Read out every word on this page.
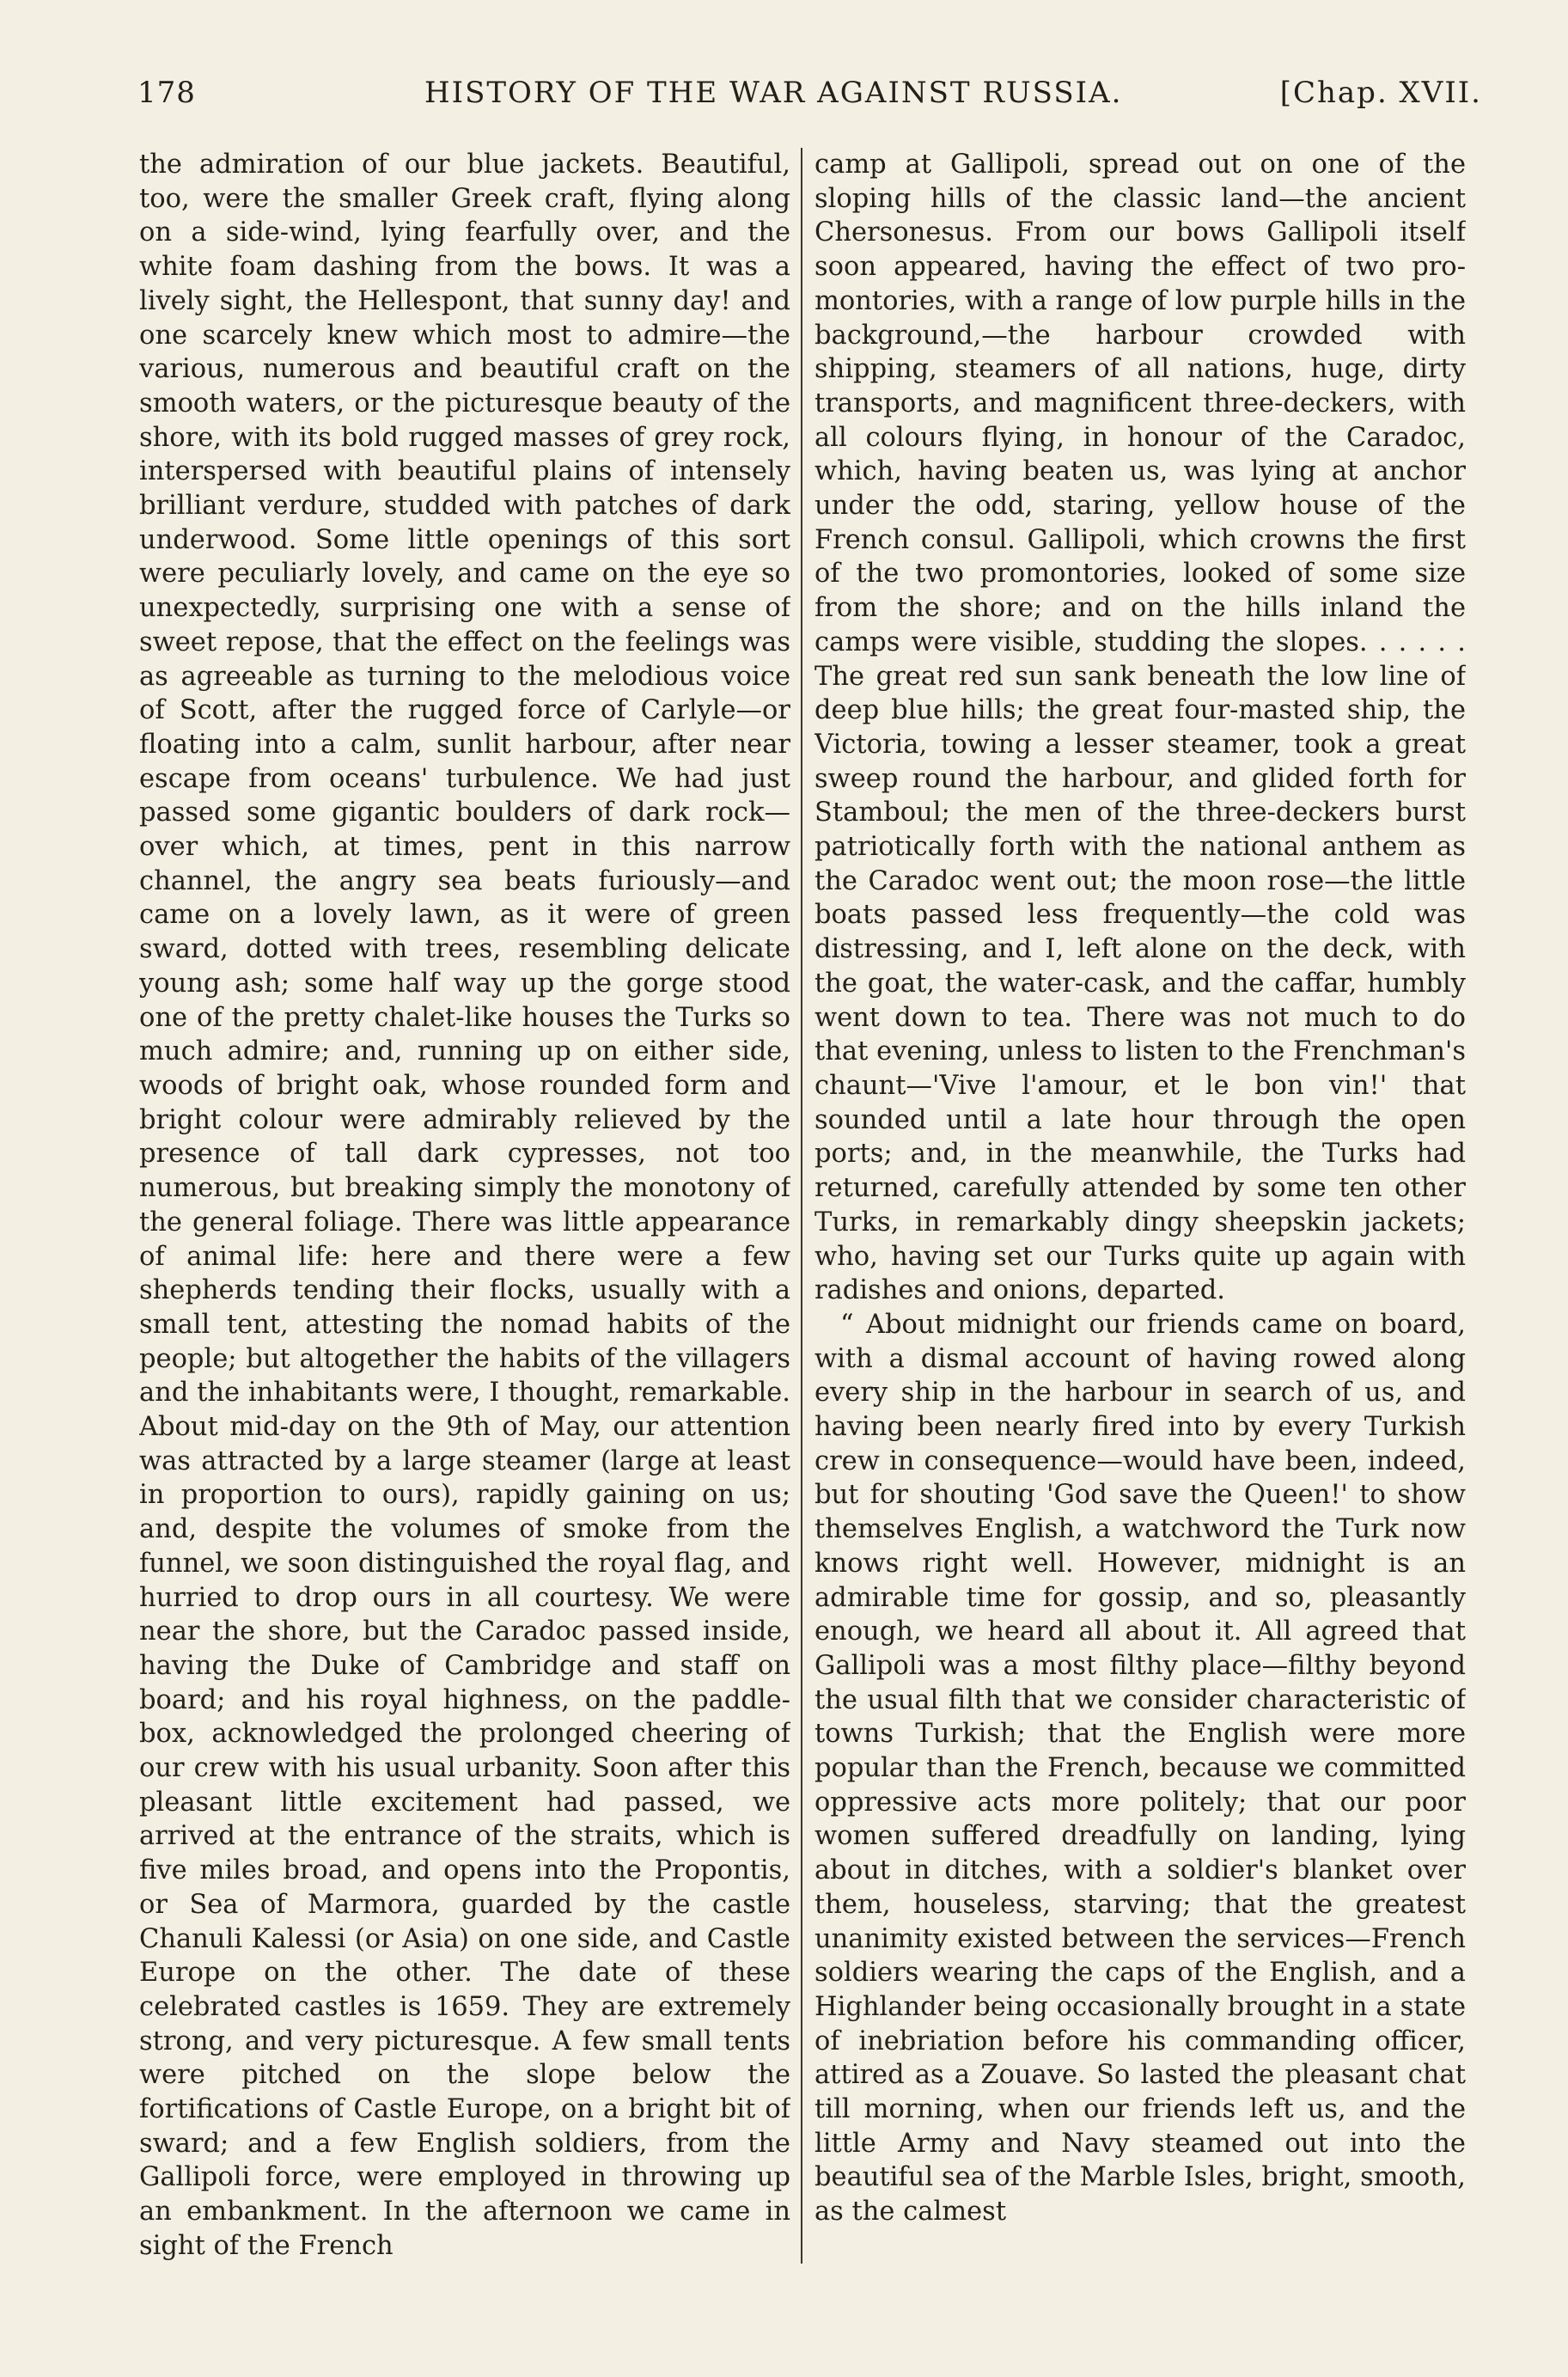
178	HISTORY OF THE WAR AGAINST RUSSIA.	[Chap. XVII.

the admiration of our blue jackets. Beautiful, too, were the smaller Greek craft, flying along on a side-wind, lying fearfully over, and the white foam dashing from the bows. It was a lively sight, the Hellespont, that sunny day! and one scarcely knew which most to admire—the various, numerous and beautiful craft on the smooth waters, or the picturesque beauty of the shore, with its bold rugged masses of grey rock, interspersed with beautiful plains of intensely brilliant verdure, studded with patches of dark underwood. Some little openings of this sort were peculiarly lovely, and came on the eye so unexpectedly, surprising one with a sense of sweet repose, that the effect on the feelings was as agreeable as turning to the melodious voice of Scott, after the rugged force of Carlyle—or floating into a calm, sunlit harbour, after near escape from oceans' turbulence. We had just passed some gigantic boulders of dark rock—over which, at times, pent in this narrow channel, the angry sea beats furiously—and came on a lovely lawn, as it were of green sward, dotted with trees, resembling delicate young ash; some half way up the gorge stood one of the pretty chalet-like houses the Turks so much admire; and, running up on either side, woods of bright oak, whose rounded form and bright colour were admirably relieved by the presence of tall dark cypresses, not too numerous, but breaking simply the monotony of the general foliage. There was little appearance of animal life: here and there were a few shepherds tending their flocks, usually with a small tent, attesting the nomad habits of the people; but altogether the habits of the villagers and the inhabitants were, I thought, remarkable. About mid-day on the 9th of May, our attention was attracted by a large steamer (large at least in proportion to ours), rapidly gaining on us; and, despite the volumes of smoke from the funnel, we soon distinguished the royal flag, and hurried to drop ours in all courtesy. We were near the shore, but the Caradoc passed inside, having the Duke of Cambridge and staff on board; and his royal highness, on the paddle-box, acknowledged the prolonged cheering of our crew with his usual urbanity. Soon after this pleasant little excitement had passed, we arrived at the entrance of the straits, which is five miles broad, and opens into the Propontis, or Sea of Marmora, guarded by the castle Chanuli Kalessi (or Asia) on one side, and Castle Europe on the other. The date of these celebrated castles is 1659. They are extremely strong, and very picturesque. A few small tents were pitched on the slope below the fortifications of Castle Europe, on a bright bit of sward; and a few English soldiers, from the Gallipoli force, were employed in throwing up an embankment. In the afternoon we came in sight of the French

camp at Gallipoli, spread out on one of the sloping hills of the classic land—the ancient Chersonesus. From our bows Gallipoli itself soon appeared, having the effect of two promontories, with a range of low purple hills in the background,—the harbour crowded with shipping, steamers of all nations, huge, dirty transports, and magnificent three-deckers, with all colours flying, in honour of the Caradoc, which, having beaten us, was lying at anchor under the odd, staring, yellow house of the French consul. Gallipoli, which crowns the first of the two promontories, looked of some size from the shore; and on the hills inland the camps were visible, studding the slopes. . . . . . The great red sun sank beneath the low line of deep blue hills; the great four-masted ship, the Victoria, towing a lesser steamer, took a great sweep round the harbour, and glided forth for Stamboul; the men of the three-deckers burst patriotically forth with the national anthem as the Caradoc went out; the moon rose—the little boats passed less frequently—the cold was distressing, and I, left alone on the deck, with the goat, the water-cask, and the caffar, humbly went down to tea. There was not much to do that evening, unless to listen to the Frenchman's chaunt—'Vive l'amour, et le bon vin!' that sounded until a late hour through the open ports; and, in the meanwhile, the Turks had returned, carefully attended by some ten other Turks, in remarkably dingy sheepskin jackets; who, having set our Turks quite up again with radishes and onions, departed.

“ About midnight our friends came on board, with a dismal account of having rowed along every ship in the harbour in search of us, and having been nearly fired into by every Turkish crew in consequence—would have been, indeed, but for shouting 'God save the Queen!' to show themselves English, a watchword the Turk now knows right well. However, midnight is an admirable time for gossip, and so, pleasantly enough, we heard all about it. All agreed that Gallipoli was a most filthy place—filthy beyond the usual filth that we consider characteristic of towns Turkish; that the English were more popular than the French, because we committed oppressive acts more politely; that our poor women suffered dreadfully on landing, lying about in ditches, with a soldier's blanket over them, houseless, starving; that the greatest unanimity existed between the services—French soldiers wearing the caps of the English, and a Highlander being occasionally brought in a state of inebriation before his commanding officer, attired as a Zouave. So lasted the pleasant chat till morning, when our friends left us, and the little Army and Navy steamed out into the beautiful sea of the Marble Isles, bright, smooth, as the calmest
